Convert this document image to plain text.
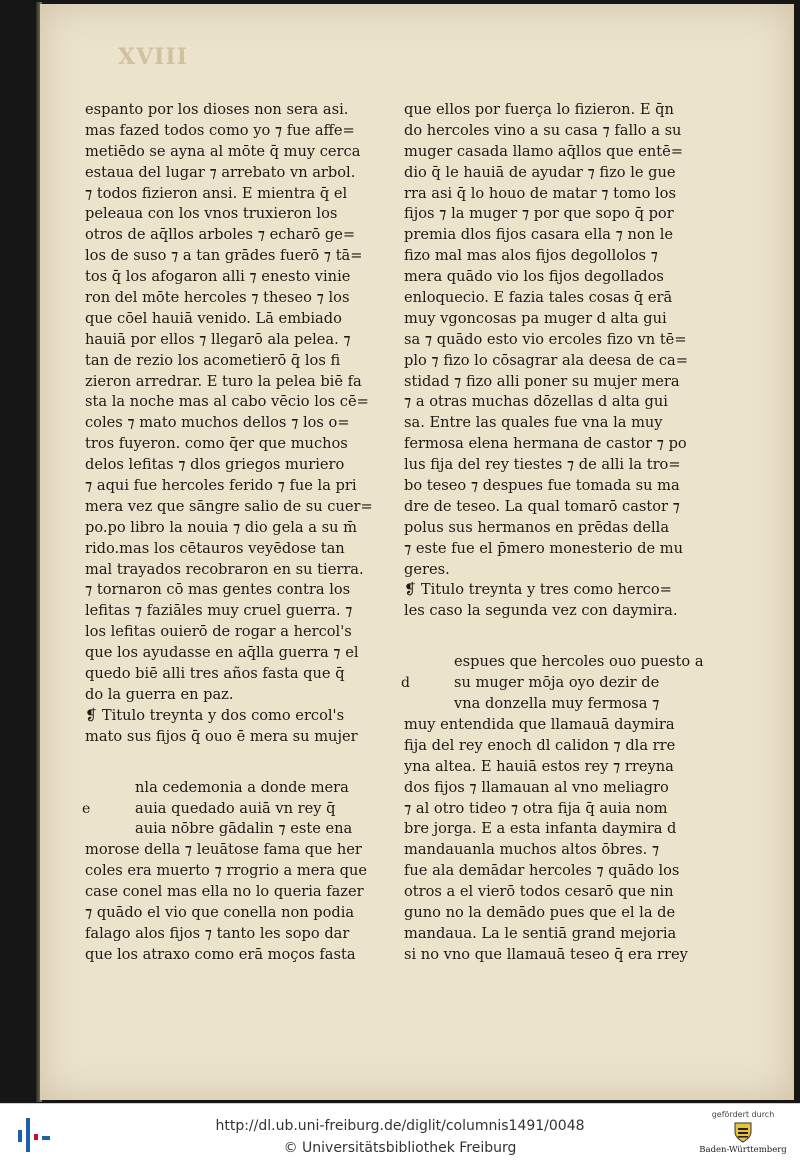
XVIII
espanto por los dioses non sera asi.
mas fazed todos como yo ⁊ fue affe=
metiēdo se ayna al mōte q̄ muy cerca
estaua del lugar ⁊ arrebato vn arbol.
⁊ todos fizieron ansi. E mientra q̄ el
peleaua con los vnos truxieron los
otros de aq̄llos arboles ⁊ echarō ge=
los de suso ⁊ a tan grādes fuerō ⁊ tā=
tos q̄ los afogaron alli ⁊ enesto vinie
ron del mōte hercoles ⁊ theseo ⁊ los
que cōel hauiā venido. Lā embiado
hauiā por ellos ⁊ llegarō ala pelea. ⁊
tan de rezio los acometierō q̄ los fi
zieron arredrar. E turo la pelea biē fa
sta la noche mas al cabo vēcio los cē=
coles ⁊ mato muchos dellos ⁊ los o=
tros fuyeron. como q̄er que muchos
delos lefitas ⁊ dlos griegos muriero
⁊ aqui fue hercoles ferido ⁊ fue la pri
mera vez que sāngre salio de su cuer=
po.po libro la nouia ⁊ dio gela a su m̄
rido.mas los cētauros veyēdose tan
mal trayados recobraron en su tierra.
⁊ tornaron cō mas gentes contra los
lefitas ⁊ faziāles muy cruel guerra. ⁊
los lefitas ouierō de rogar a hercol's
que los ayudasse en aq̄lla guerra ⁊ el
quedo biē alli tres años fasta que q̄
do la guerra en paz.
❡ Titulo treynta y dos como ercol's
mato sus fijos q̄ ouo ē mera su mujer
e
nla cedemonia a donde mera
auia quedado auiā vn rey q̄
auia nōbre gādalin ⁊ este ena
morose della ⁊ leuātose fama que her
coles era muerto ⁊ rrogrio a mera que
case conel mas ella no lo queria fazer
⁊ quādo el vio que conella non podia
falago alos fijos ⁊ tanto les sopo dar
que los atraxo como erā moços fasta
que ellos por fuerça lo fizieron. E q̄n
do hercoles vino a su casa ⁊ fallo a su
muger casada llamo aq̄llos que entē=
dio q̄ le hauiā de ayudar ⁊ fizo le gue
rra asi q̄ lo houo de matar ⁊ tomo los
fijos ⁊ la muger ⁊ por que sopo q̄ por
premia dlos fijos casara ella ⁊ non le
fizo mal mas alos fijos degollolos ⁊
mera quādo vio los fijos degollados
enloquecio. E fazia tales cosas q̄ erā
muy vgoncosas pa muger d alta gui
sa ⁊ quādo esto vio ercoles fizo vn tē=
plo ⁊ fizo lo cōsagrar ala deesa de ca=
stidad ⁊ fizo alli poner su mujer mera
⁊ a otras muchas dōzellas d alta gui
sa. Entre las quales fue vna la muy
fermosa elena hermana de castor ⁊ po
lus fija del rey tiestes ⁊ de alli la tro=
bo teseo ⁊ despues fue tomada su ma
dre de teseo. La qual tomarō castor ⁊
polus sus hermanos en prēdas della
⁊ este fue el p̄mero monesterio de mu
geres.
❡ Titulo treynta y tres como herco=
les caso la segunda vez con daymira.
d
espues que hercoles ouo puesto a
su muger mōja oyo dezir de
vna donzella muy fermosa ⁊
muy entendida que llamauā daymira
fija del rey enoch dl calidon ⁊ dla rre
yna altea. E hauiā estos rey ⁊ rreyna
dos fijos ⁊ llamauan al vno meliagro
⁊ al otro tideo ⁊ otra fija q̄ auia nom
bre jorga. E a esta infanta daymira d
mandauanla muchos altos ōbres. ⁊
fue ala demādar hercoles ⁊ quādo los
otros a el vierō todos cesarō que nin
guno no la demādo pues que el la de
mandaua. La le sentiā grand mejoria
si no vno que llamauā teseo q̄ era rrey
http://dl.ub.uni-freiburg.de/diglit/columnis1491/0048
© Universitätsbibliothek Freiburg
gefördert durch
Baden-Württemberg
